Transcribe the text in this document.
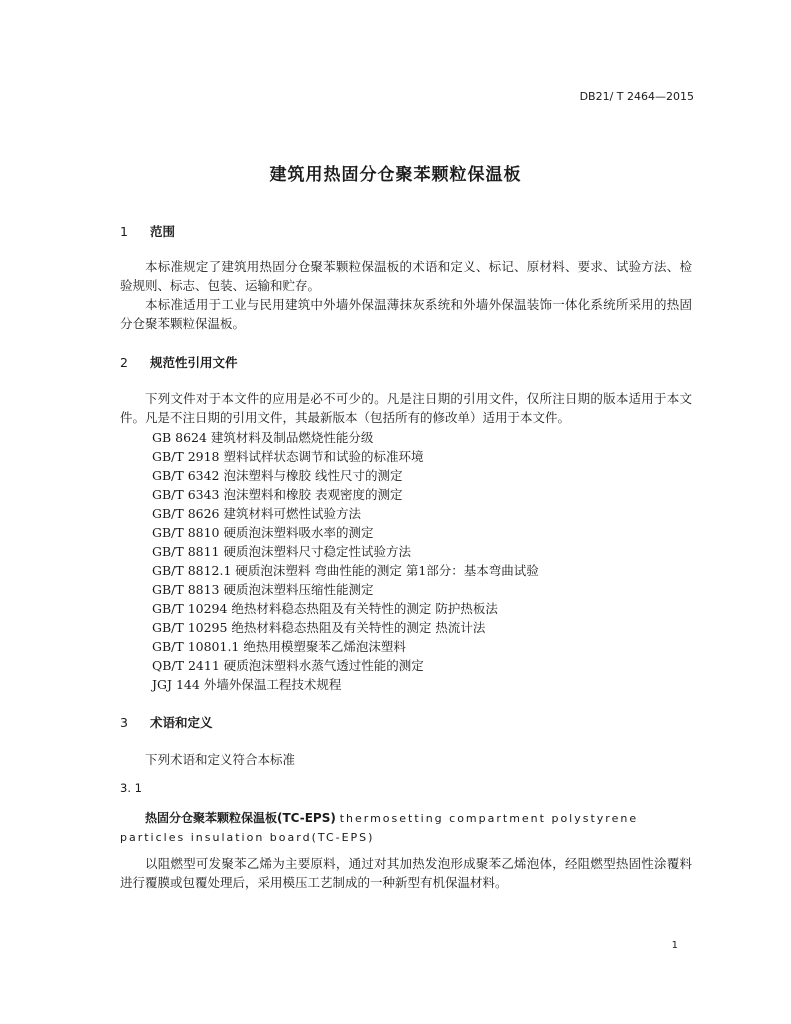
DB21/ T 2464—2015
建筑用热固分仓聚苯颗粒保温板
1 范围
本标准规定了建筑用热固分仓聚苯颗粒保温板的术语和定义、标记、原材料、要求、试验方法、检验规则、标志、包装、运输和贮存。
本标准适用于工业与民用建筑中外墙外保温薄抹灰系统和外墙外保温装饰一体化系统所采用的热固分仓聚苯颗粒保温板。
2 规范性引用文件
下列文件对于本文件的应用是必不可少的。凡是注日期的引用文件，仅所注日期的版本适用于本文件。凡是不注日期的引用文件，其最新版本（包括所有的修改单）适用于本文件。
GB 8624 建筑材料及制品燃烧性能分级
GB/T 2918 塑料试样状态调节和试验的标准环境
GB/T 6342 泡沫塑料与橡胶 线性尺寸的测定
GB/T 6343 泡沫塑料和橡胶 表观密度的测定
GB/T 8626 建筑材料可燃性试验方法
GB/T 8810 硬质泡沫塑料吸水率的测定
GB/T 8811 硬质泡沫塑料尺寸稳定性试验方法
GB/T 8812.1 硬质泡沫塑料 弯曲性能的测定 第1部分：基本弯曲试验
GB/T 8813 硬质泡沫塑料压缩性能测定
GB/T 10294 绝热材料稳态热阻及有关特性的测定 防护热板法
GB/T 10295 绝热材料稳态热阻及有关特性的测定 热流计法
GB/T 10801.1 绝热用模塑聚苯乙烯泡沫塑料
QB/T 2411 硬质泡沫塑料水蒸气透过性能的测定
JGJ 144 外墙外保温工程技术规程
3 术语和定义
下列术语和定义符合本标准
3. 1
热固分仓聚苯颗粒保温板(TC-EPS) thermosetting compartment polystyrene particles insulation board(TC-EPS)
以阻燃型可发聚苯乙烯为主要原料，通过对其加热发泡形成聚苯乙烯泡体，经阻燃型热固性涂覆料进行覆膜或包覆处理后，采用模压工艺制成的一种新型有机保温材料。
1
